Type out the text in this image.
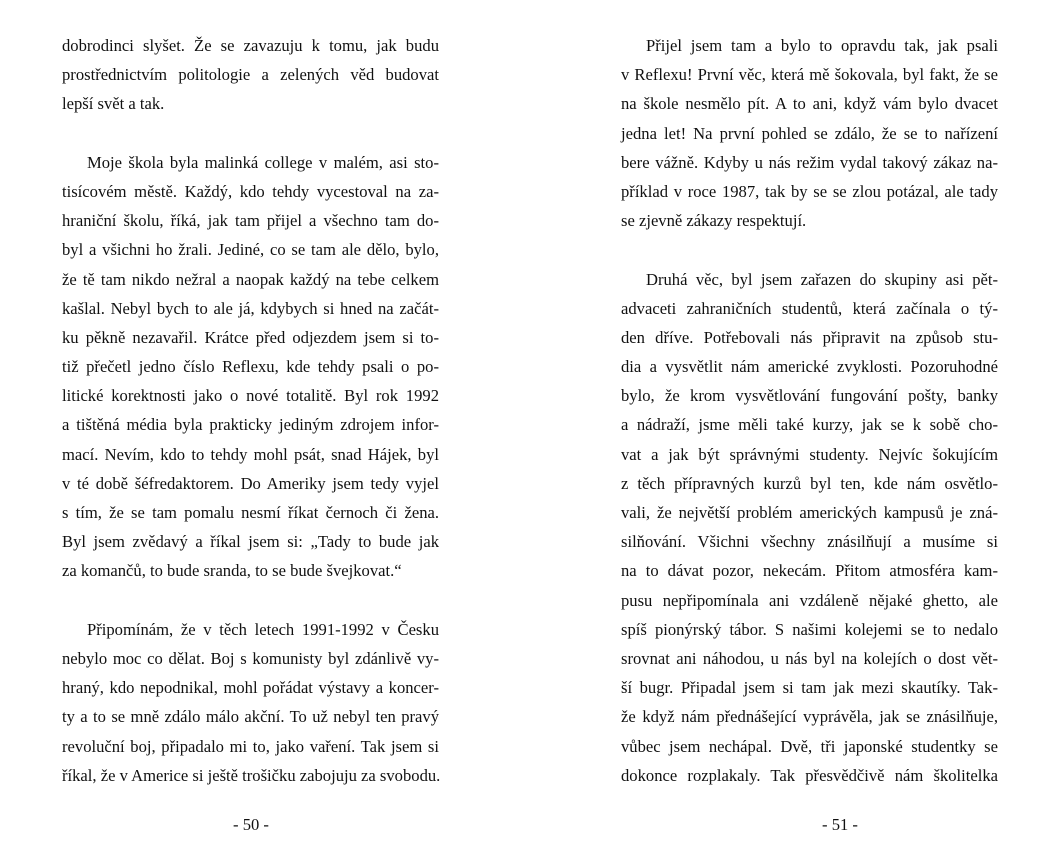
dobrodinci slyšet. Že se zavazuju k tomu, jak budu
prostřednictvím politologie a zelených věd budovat
lepší svět a tak.
Moje škola byla malinká college v malém, asi sto-
tisícovém městě. Každý, kdo tehdy vycestoval na za-
hraniční školu, říká, jak tam přijel a všechno tam do-
byl a všichni ho žrali. Jediné, co se tam ale dělo, bylo,
že tě tam nikdo nežral a naopak každý na tebe celkem
kašlal. Nebyl bych to ale já, kdybych si hned na začát-
ku pěkně nezavařil. Krátce před odjezdem jsem si to-
tiž přečetl jedno číslo Reflexu, kde tehdy psali o po-
litické korektnosti jako o nové totalitě. Byl rok 1992
a tištěná média byla prakticky jediným zdrojem infor-
mací. Nevím, kdo to tehdy mohl psát, snad Hájek, byl
v té době šéfredaktorem. Do Ameriky jsem tedy vyjel
s tím, že se tam pomalu nesmí říkat černoch či žena.
Byl jsem zvědavý a říkal jsem si: „Tady to bude jak
za komančů, to bude sranda, to se bude švejkovat.“
Připomínám, že v těch letech 1991-1992 v Česku
nebylo moc co dělat. Boj s komunisty byl zdánlivě vy-
hraný, kdo nepodnikal, mohl pořádat výstavy a koncer-
ty a to se mně zdálo málo akční. To už nebyl ten pravý
revoluční boj, připadalo mi to, jako vaření. Tak jsem si
říkal, že v Americe si ještě trošičku zabojuju za svobodu.
- 50 -
Přijel jsem tam a bylo to opravdu tak, jak psali
v Reflexu! První věc, která mě šokovala, byl fakt, že se
na škole nesmělo pít. A to ani, když vám bylo dvacet
jedna let! Na první pohled se zdálo, že se to nařízení
bere vážně. Kdyby u nás režim vydal takový zákaz na-
příklad v roce 1987, tak by se se zlou potázal, ale tady
se zjevně zákazy respektují.
Druhá věc, byl jsem zařazen do skupiny asi pět-
advaceti zahraničních studentů, která začínala o tý-
den dříve. Potřebovali nás připravit na způsob stu-
dia a vysvětlit nám americké zvyklosti. Pozoruhodné
bylo, že krom vysvětlování fungování pošty, banky
a nádraží, jsme měli také kurzy, jak se k sobě cho-
vat a jak být správnými studenty. Nejvíc šokujícím
z těch přípravných kurzů byl ten, kde nám osvětlo-
vali, že největší problém amerických kampusů je zná-
silňování. Všichni všechny znásilňují a musíme si
na to dávat pozor, nekecám. Přitom atmosféra kam-
pusu nepřipomínala ani vzdáleně nějaké ghetto, ale
spíš pionýrský tábor. S našimi kolejemi se to nedalo
srovnat ani náhodou, u nás byl na kolejích o dost vět-
ší bugr. Připadal jsem si tam jak mezi skautíky. Tak-
že když nám přednášející vyprávěla, jak se znásilňuje,
vůbec jsem nechápal. Dvě, tři japonské studentky se
dokonce rozplakaly. Tak přesvědčivě nám školitelka
- 51 -
